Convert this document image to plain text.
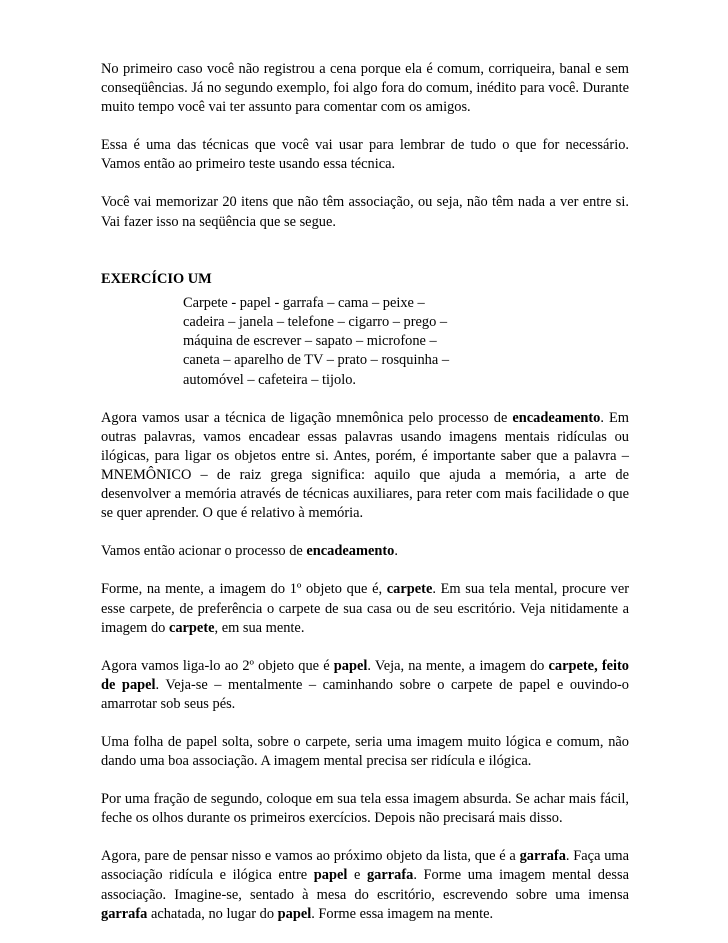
No primeiro caso você não registrou a cena porque ela é comum, corriqueira, banal e sem conseqüências. Já no segundo exemplo, foi algo fora do comum, inédito para você. Durante muito tempo você vai ter assunto para comentar com os amigos.

Essa é uma das técnicas que você vai usar para lembrar de tudo o que for necessário. Vamos então ao primeiro teste usando essa técnica.

Você vai memorizar 20 itens que não têm associação, ou seja, não têm nada a ver entre si. Vai fazer isso na seqüência que se segue.

EXERCÍCIO UM
Carpete - papel - garrafa – cama – peixe –
cadeira – janela – telefone – cigarro – prego –
máquina de escrever – sapato – microfone –
caneta – aparelho de TV – prato – rosquinha –
automóvel – cafeteira – tijolo.

Agora vamos usar a técnica de ligação mnemônica pelo processo de encadeamento. Em outras palavras, vamos encadear essas palavras usando imagens mentais ridículas ou ilógicas, para ligar os objetos entre si. Antes, porém, é importante saber que a palavra – MNEMÔNICO – de raiz grega significa: aquilo que ajuda a memória, a arte de desenvolver a memória através de técnicas auxiliares, para reter com mais facilidade o que se quer aprender. O que é relativo à memória.

Vamos então acionar o processo de encadeamento.

Forme, na mente, a imagem do 1º objeto que é, carpete. Em sua tela mental, procure ver esse carpete, de preferência o carpete de sua casa ou de seu escritório. Veja nitidamente a imagem do carpete, em sua mente.

Agora vamos liga-lo ao 2º objeto que é papel. Veja, na mente, a imagem do carpete, feito de papel. Veja-se – mentalmente – caminhando sobre o carpete de papel e ouvindo-o amarrotar sob seus pés.

Uma folha de papel solta, sobre o carpete, seria uma imagem muito lógica e comum, não dando uma boa associação. A imagem mental precisa ser ridícula e ilógica.

Por uma fração de segundo, coloque em sua tela essa imagem absurda. Se achar mais fácil, feche os olhos durante os primeiros exercícios. Depois não precisará mais disso.

Agora, pare de pensar nisso e vamos ao próximo objeto da lista, que é a garrafa. Faça uma associação ridícula e ilógica entre papel e garrafa. Forme uma imagem mental dessa associação. Imagine-se, sentado à mesa do escritório, escrevendo sobre uma imensa garrafa achatada, no lugar do papel. Forme essa imagem na mente.
